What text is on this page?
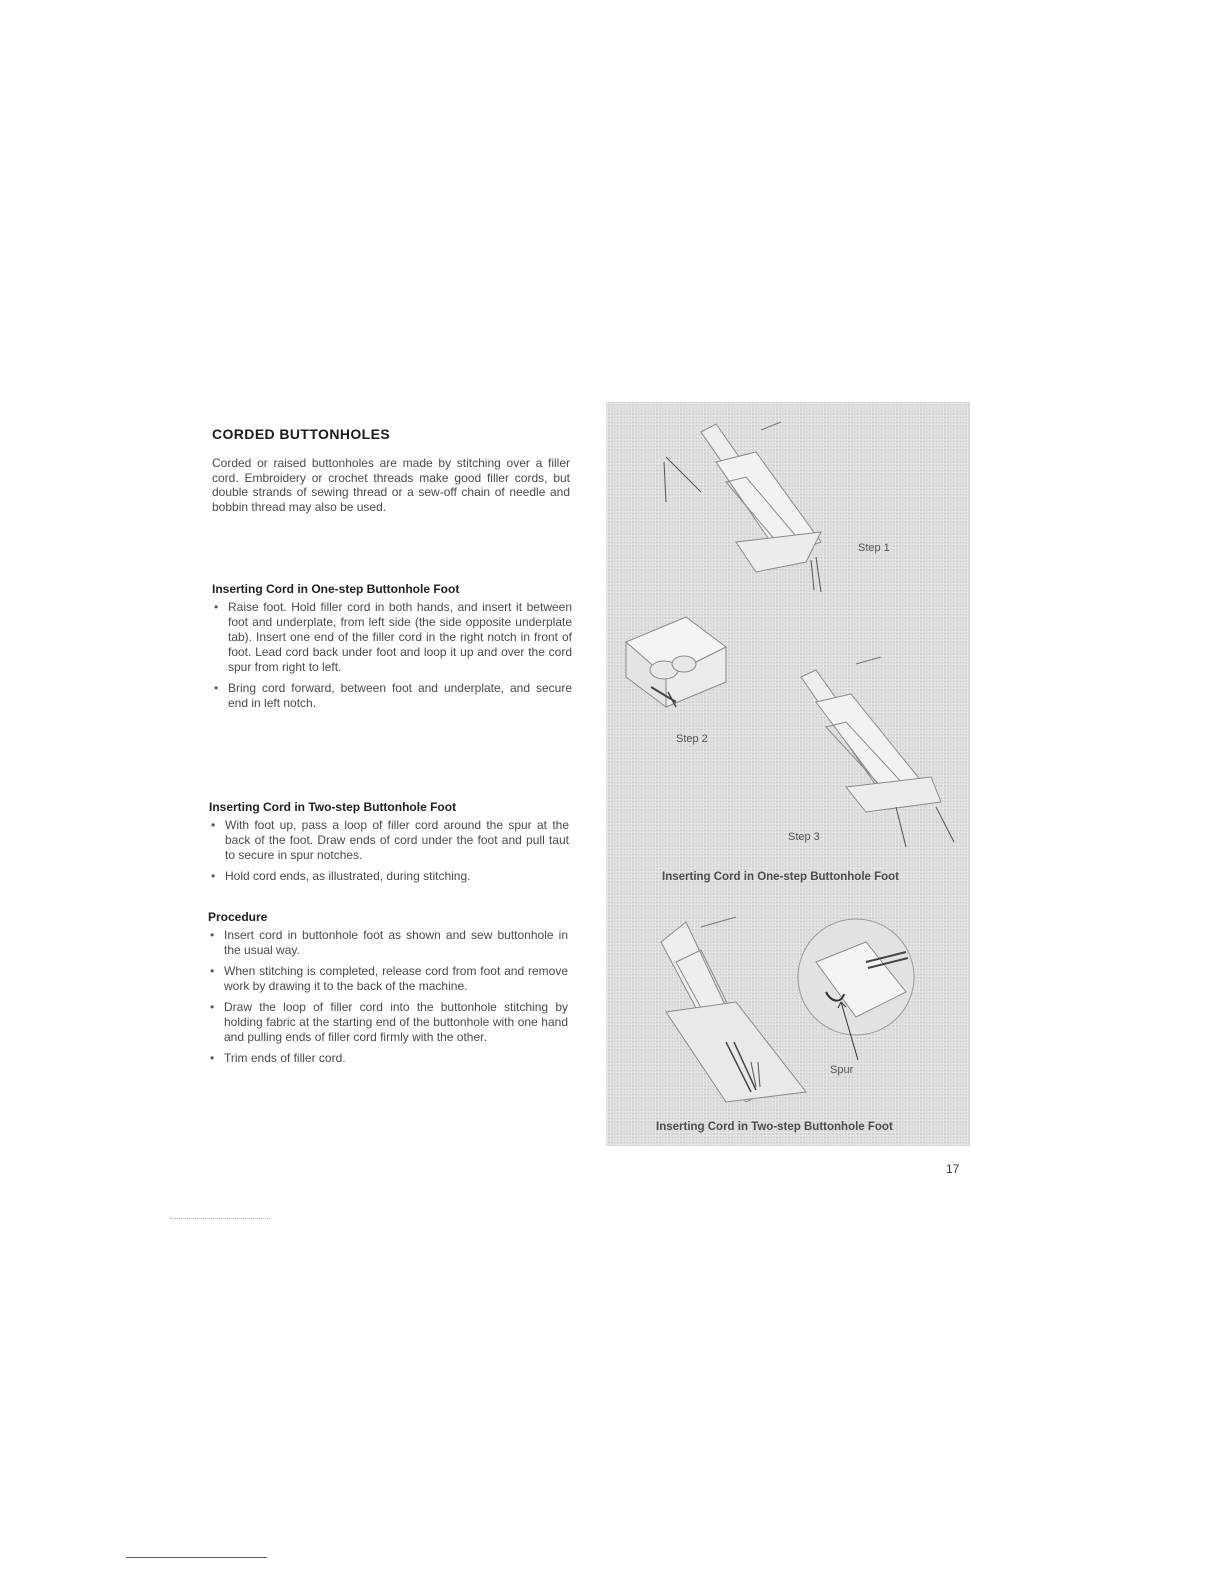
CORDED BUTTONHOLES

Corded or raised buttonholes are made by stitching over a filler cord. Embroidery or crochet threads make good filler cords, but double strands of sewing thread or a sew-off chain of needle and bobbin thread may also be used.

Inserting Cord in One-step Buttonhole Foot
• Raise foot. Hold filler cord in both hands, and insert it between foot and underplate, from left side (the side opposite underplate tab). Insert one end of the filler cord in the right notch in front of foot. Lead cord back under foot and loop it up and over the cord spur from right to left.
• Bring cord forward, between foot and underplate, and secure end in left notch.
Inserting Cord in Two-step Buttonhole Foot
• With foot up, pass a loop of filler cord around the spur at the back of the foot. Draw ends of cord under the foot and pull taut to secure in spur notches.
• Hold cord ends, as illustrated, during stitching.
Procedure
• Insert cord in buttonhole foot as shown and sew buttonhole in the usual way.
• When stitching is completed, release cord from foot and remove work by drawing it to the back of the machine.
• Draw the loop of filler cord into the buttonhole stitching by holding fabric at the starting end of the buttonhole with one hand and pulling ends of filler cord firmly with the other.
• Trim ends of filler cord.
Step 1
Step 2
Step 3
Inserting Cord in One-step Buttonhole Foot
Spur
Inserting Cord in Two-step Buttonhole Foot
17
